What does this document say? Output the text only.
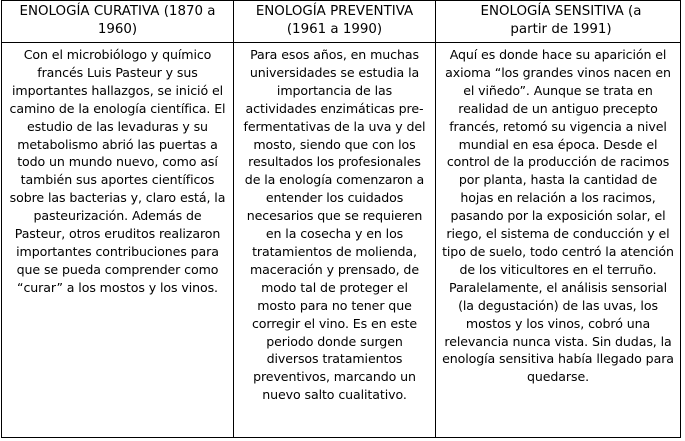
ENOLOGÍA CURATIVA (1870 a 1960)
Con el microbiólogo y químico francés Luis Pasteur y sus importantes hallazgos, se inició el camino de la enología científica. El estudio de las levaduras y su metabolismo abrió las puertas a todo un mundo nuevo, como así también sus aportes científicos sobre las bacterias y, claro está, la pasteurización. Además de Pasteur, otros eruditos realizaron importantes contribuciones para que se pueda comprender como “curar” a los mostos y los vinos.
ENOLOGÍA PREVENTIVA (1961 a 1990)
Para esos años, en muchas universidades se estudia la importancia de las actividades enzimáticas pre-fermentativas de la uva y del mosto, siendo que con los resultados los profesionales de la enología comenzaron a entender los cuidados necesarios que se requieren en la cosecha y en los tratamientos de molienda, maceración y prensado, de modo tal de proteger el mosto para no tener que corregir el vino. Es en este periodo donde surgen diversos tratamientos preventivos, marcando un nuevo salto cualitativo.
ENOLOGÍA SENSITIVA (a partir de 1991)
Aquí es donde hace su aparición el axioma “los grandes vinos nacen en el viñedo”. Aunque se trata en realidad de un antiguo precepto francés, retomó su vigencia a nivel mundial en esa época. Desde el control de la producción de racimos por planta, hasta la cantidad de hojas en relación a los racimos, pasando por la exposición solar, el riego, el sistema de conducción y el tipo de suelo, todo centró la atención de los viticultores en el terruño. Paralelamente, el análisis sensorial (la degustación) de las uvas, los mostos y los vinos, cobró una relevancia nunca vista. Sin dudas, la enología sensitiva había llegado para quedarse.
